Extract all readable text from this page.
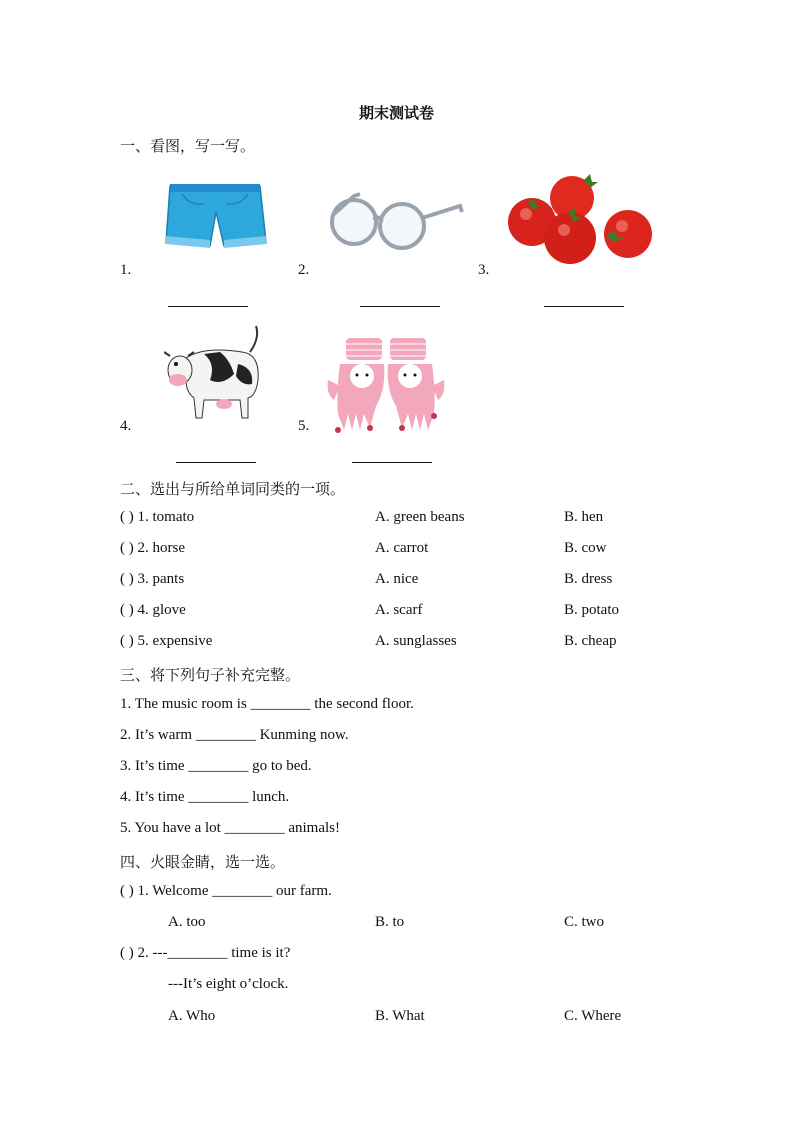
期末测试卷
一、看图，写一写。
1.	2.	3.
4.	5.
二、选出与所给单词同类的一项。
( ) 1. tomato	A. green beans	B. hen
( ) 2. horse	A. carrot	B. cow
( ) 3. pants	A. nice	B. dress
( ) 4. glove	A. scarf	B. potato
( ) 5. expensive	A. sunglasses	B. cheap
三、将下列句子补充完整。
1. The music room is ________ the second floor.
2. It’s warm ________ Kunming now.
3. It’s time ________ go to bed.
4. It’s time ________ lunch.
5. You have a lot ________ animals!
四、火眼金睛，选一选。
( ) 1. Welcome ________ our farm.
A. too	B. to	C. two
( ) 2. ---________ time is it?
---It’s eight o’clock.
A. Who	B. What	C. Where
